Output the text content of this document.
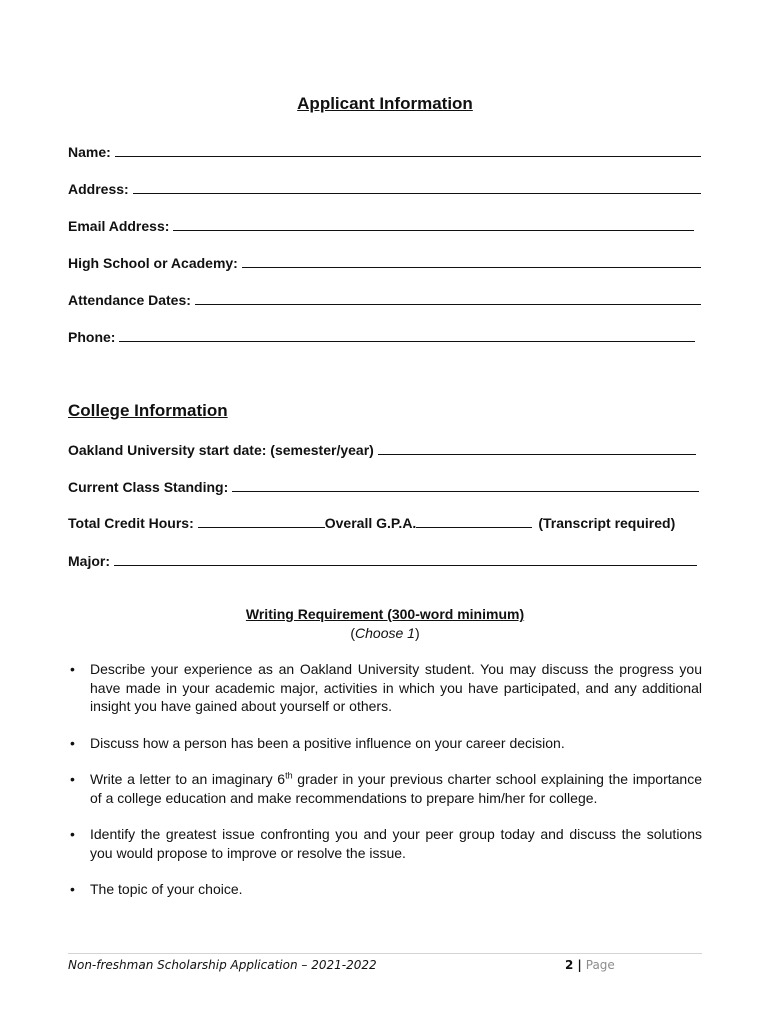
Applicant Information
Name:
Address:
Email Address:
High School or Academy:
Attendance Dates:
Phone:
College Information
Oakland University start date: (semester/year)
Current Class Standing:
Total Credit Hours:	Overall G.P.A.	(Transcript required)
Major:
Writing Requirement (300-word minimum)
(Choose 1)
• Describe your experience as an Oakland University student. You may discuss the progress you have made in your academic major, activities in which you have participated, and any additional insight you have gained about yourself or others.
• Discuss how a person has been a positive influence on your career decision.
• Write a letter to an imaginary 6th grader in your previous charter school explaining the importance of a college education and make recommendations to prepare him/her for college.
• Identify the greatest issue confronting you and your peer group today and discuss the solutions you would propose to improve or resolve the issue.
• The topic of your choice.
Non-freshman Scholarship Application – 2021-2022	2 | Page
